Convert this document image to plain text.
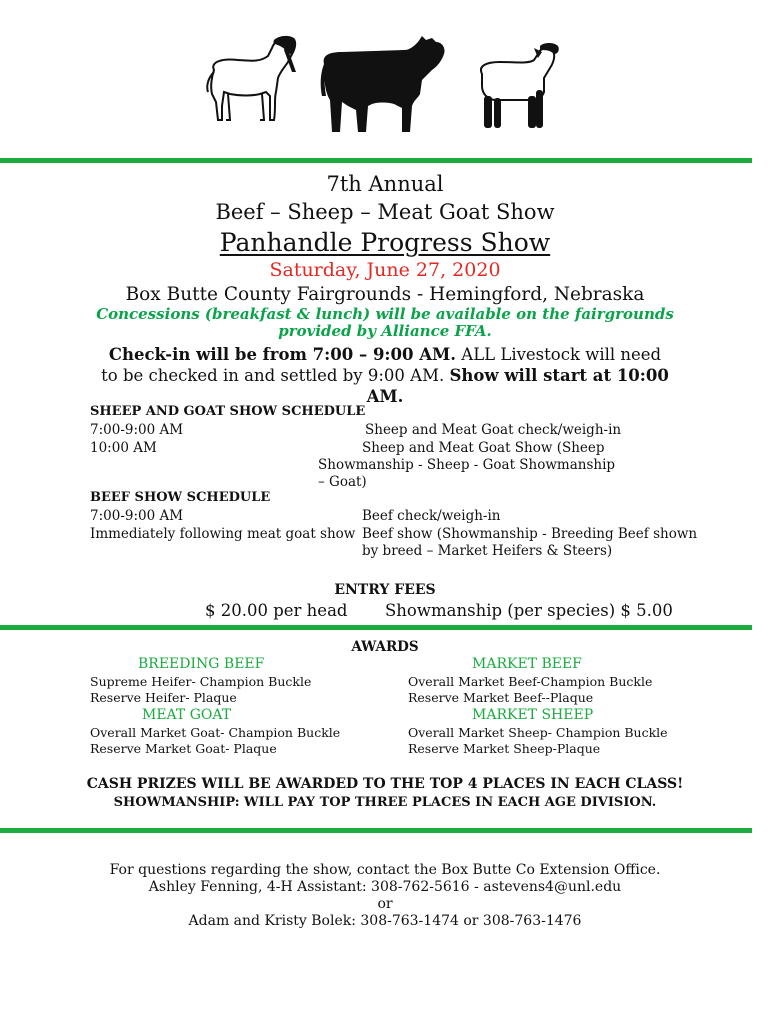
7th Annual
Beef – Sheep – Meat Goat Show
Panhandle Progress Show
Saturday, June 27, 2020
Box Butte County Fairgrounds - Hemingford, Nebraska
Concessions (breakfast & lunch) will be available on the fairgrounds provided by Alliance FFA.
Check-in will be from 7:00 – 9:00 AM. ALL Livestock will need to be checked in and settled by 9:00 AM. Show will start at 10:00 AM.
SHEEP AND GOAT SHOW SCHEDULE
7:00-9:00 AM	Sheep and Meat Goat check/weigh-in
10:00 AM	Sheep and Meat Goat Show (Sheep
Showmanship - Sheep - Goat Showmanship
– Goat)
BEEF SHOW SCHEDULE
7:00-9:00 AM	Beef check/weigh-in
Immediately following meat goat show Beef show (Showmanship - Breeding Beef shown
by breed – Market Heifers & Steers)
ENTRY FEES
$ 20.00 per head Showmanship (per species) $ 5.00
AWARDS
BREEDING BEEF
Supreme Heifer- Champion Buckle
Reserve Heifer- Plaque
MARKET BEEF
Overall Market Beef-Champion Buckle
Reserve Market Beef--Plaque
MEAT GOAT
Overall Market Goat- Champion Buckle
Reserve Market Goat- Plaque
MARKET SHEEP
Overall Market Sheep- Champion Buckle
Reserve Market Sheep-Plaque
CASH PRIZES WILL BE AWARDED TO THE TOP 4 PLACES IN EACH CLASS!
SHOWMANSHIP: WILL PAY TOP THREE PLACES IN EACH AGE DIVISION.
For questions regarding the show, contact the Box Butte Co Extension Office.
Ashley Fenning, 4-H Assistant: 308-762-5616 - astevens4@unl.edu
or
Adam and Kristy Bolek: 308-763-1474 or 308-763-1476
